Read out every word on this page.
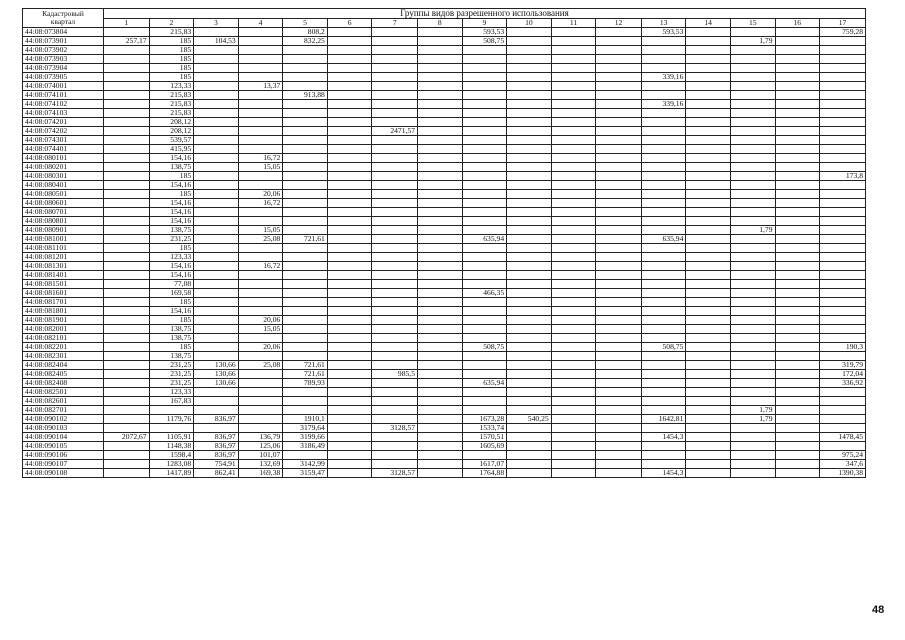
Кадастровый
квартал	Группы видов разрешенного использования																
	1	2	3	4	5	6	7	8	9	10	11	12	13	14	15	16	17
44:08:073804		215,83			808,2				593,53				593,53				759,28
44:08:073901	257,17	185	104,53		832,25				508,75						1,79		
44:08:073902		185															
44:08:073903		185															
44:08:073904		185															
44:08:073905		185											339,16				
44:08:074001		123,33		13,37													
44:08:074101		215,83			913,88												
44:08:074102		215,83											339,16				
44:08:074103		215,83															
44:08:074201		208,12															
44:08:074202		208,12					2471,57										
44:08:074301		539,57															
44:08:074401		415,95															
44:08:080101		154,16		16,72													
44:08:080201		138,75		15,05													
44:08:080301		185															173,8
44:08:080401		154,16															
44:08:080501		185		20,06													
44:08:080601		154,16		16,72													
44:08:080701		154,16															
44:08:080801		154,16															
44:08:080901		138,75		15,05											1,79		
44:08:081001		231,25		25,08	721,61				635,94				635,94				
44:08:081101		185															
44:08:081201		123,33															
44:08:081301		154,16		16,72													
44:08:081401		154,16															
44:08:081501		77,08															
44:08:081601		169,58							466,35								
44:08:081701		185															
44:08:081801		154,16															
44:08:081901		185		20,06													
44:08:082001		138,75		15,05													
44:08:082101		138,75															
44:08:082201		185		20,06					508,75				508,75				190,3
44:08:082301		138,75															
44:08:082404		231,25	130,66	25,08	721,61												319,79
44:08:082405		231,25	130,66		721,61		985,5										172,04
44:08:082408		231,25	130,66		789,93				635,94								336,92
44:08:082501		123,33															
44:08:082601		167,83															
44:08:082701															1,79		
44:08:090102		1179,76	836,97		1910,1				1673,28	540,25			1642,81		1,79		
44:08:090103					3179,64		3128,57		1533,74								
44:08:090104	2072,67	1105,91	836,97	136,79	3199,66				1570,51				1454,3				1478,45
44:08:090105		1148,38	836,97	125,06	3186,49				1605,69								
44:08:090106		1598,4	836,97	101,07													975,24
44:08:090107		1283,08	754,91	132,69	3142,99				1617,07								347,6
44:08:090108		1417,89	862,41	169,38	3159,47		3128,57		1764,88				1454,3				1390,38
48
